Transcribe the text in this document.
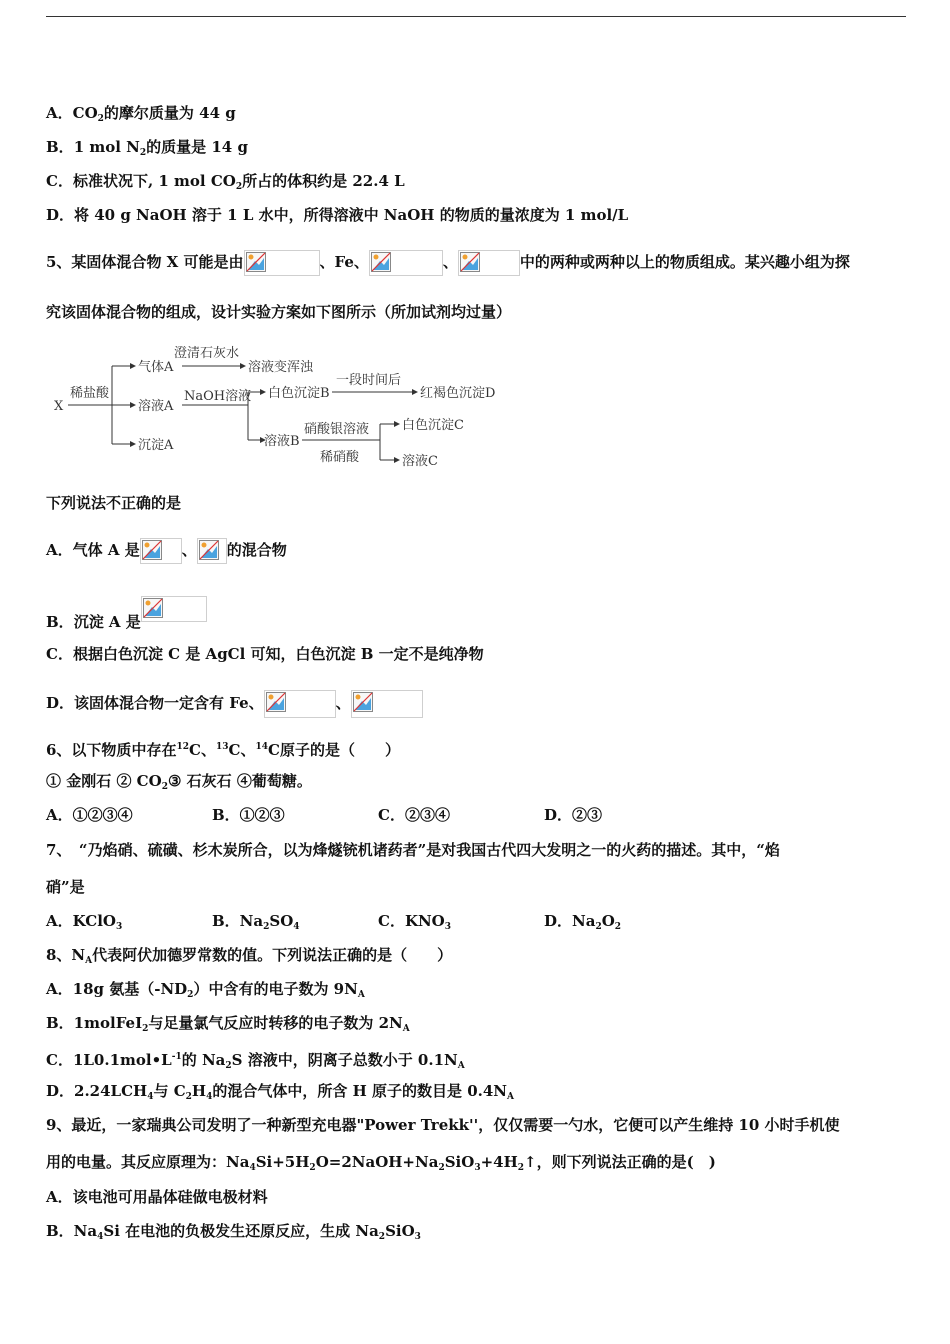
A．$CO_2$的摩尔质量为 44 g
B．1 mol $N_2$的质量是 14 g
C．标准状况下, 1 mol $CO_2$所占的体积约是 22.4 L
D．将 40 g NaOH 溶于 1 L 水中，所得溶液中 NaOH 的物质的量浓度为 1 mol/L
5、某固体混合物 X 可能是由	、Fe、	、	中的两种或两种以上的物质组成。某兴趣小组为探
究该固体混合物的组成，设计实验方案如下图所示（所加试剂均过量）
X
稀盐酸
气体A
澄清石灰水
溶液变浑浊
溶液A
NaOH溶液 白色沉淀B
一段时间后
红褐色沉淀D
溶液B
硝酸银溶液
稀硝酸
白色沉淀C
溶液C
沉淀A
下列说法不正确的是
A．气体 A 是	、 的混合物
B．沉淀 A 是
C．根据白色沉淀 C 是 AgCl 可知，白色沉淀 B 一定不是纯净物
D．该固体混合物一定含有 Fe、	、
6、以下物质中存在$^{12}$C、$^{13}$C、$^{14}$C原子的是（　　）
① 金刚石 ② $CO_2③$ 石灰石 ④葡萄糖。
A．①②③④	B．①②③	C．②③④	D．②③
7、　“乃焰硝、硫磺、杉木炭所合，以为烽燧铳机诸药者”是对我国古代四大发明之一的火药的描述。其中，“焰
硝”是
A．KClO$_3$	B．$Na_2SO_4$	C．$KNO_3$	D．$Na_2O_2$
8、$N_A$代表阿伏加德罗常数的值。下列说法正确的是（　　）
A．18g 氨基$(-ND_2)$中含有的电子数为 $9N_A$
B．1molFeI$_2$与足量氯气反应时转移的电子数为 $2N_A$
C．$1L0.1mol•L^{-1}$的 $Na_2S$ 溶液中，阴离子总数小于 $0.1N_A$
D．$2.24LCH_4$与 $C_2H_4$的混合气体中，所含 H 原子的数目是 $0.4N_A$
9、最近，一家瑞典公司发明了一种新型充电器"Power Trekk''，仅仅需要一勺水，它便可以产生维持 10 小时手机使
用的电量。其反应原理为：$Na_4Si+5H_2O=2NaOH+Na_2SiO_3+4H_2↑$，则下列说法正确的是(　)
A．该电池可用晶体硅做电极材料
B．$Na_4Si$ 在电池的负极发生还原反应，生成 $Na_2SiO_3$
